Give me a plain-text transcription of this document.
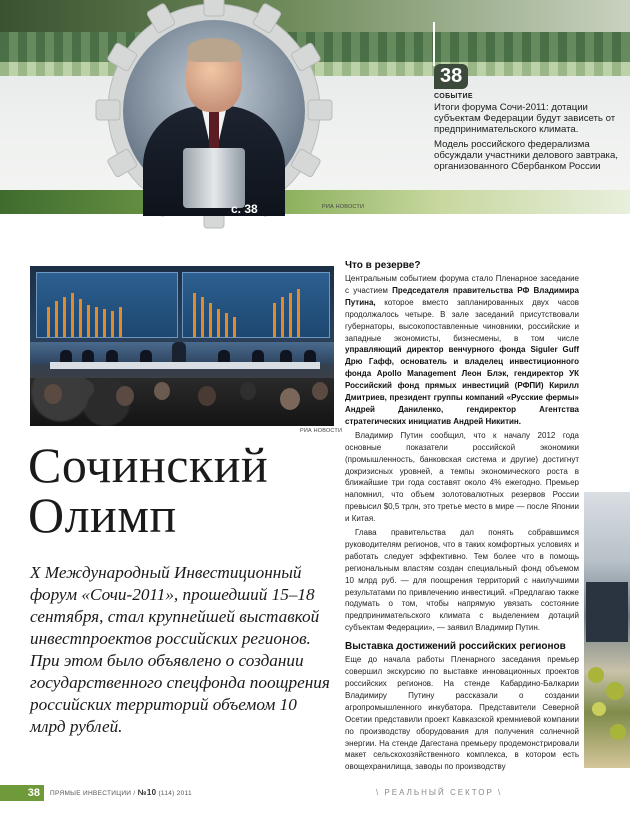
с. 38	РИА НОВОСТИ
38
СОБЫТИЕ

Итоги форума Сочи-2011: дотации субъектам Федерации будут зависеть от предпринимательского климата.

Модель российского федерализма обсуждали участники делового завтрака, организованного Сбербанком России

РИА НОВОСТИ
Сочинский
Олимп

X Международный Инвестиционный форум «Сочи-2011», прошедший 15–18 сентября, стал крупнейшей выставкой инвестпроектов российских регионов. При этом было объявлено о создании государственного спецфонда поощрения российских территорий объемом 10 млрд рублей.

Что в резерве?

Центральным событием форума стало Пленарное заседание с участием Председателя правительства РФ Владимира Путина, которое вместо запланированных двух часов продолжалось четыре. В зале заседаний присутствовали губернаторы, высокопоставленные чиновники, российские и западные экономисты, бизнесмены, в том числе управляющий директор венчурного фонда Siguler Guff Дрю Гафф, основатель и владелец инвестиционного фонда Apollo Management Леон Блэк, гендиректор УК Российский фонд прямых инвестиций (РФПИ) Кирилл Дмитриев, президент группы компаний «Русские фермы» Андрей Даниленко, гендиректор Агентства стратегических инициатив Андрей Никитин.

Владимир Путин сообщил, что к началу 2012 года основные показатели российской экономики (промышленность, банковская система и другие) достигнут докризисных уровней, а темпы экономического роста в ближайшие три года составят около 4% ежегодно. Премьер напомнил, что объем золотовалютных резервов России превысил $0,5 трлн, это третье место в мире — после Японии и Китая.

Глава правительства дал понять собравшимся руководителям регионов, что в таких комфортных условиях и работать следует эффективно. Тем более что в помощь региональным властям создан специальный фонд объемом 10 млрд руб. — для поощрения территорий с наилучшими результатами по привлечению инвестиций. «Предлагаю также подумать о том, чтобы напрямую увязать состояние предпринимательского климата с выделением дотаций субъектам Федерации», — заявил Владимир Путин.

Выставка достижений российских регионов

Еще до начала работы Пленарного заседания премьер совершил экскурсию по выставке инновационных проектов российских регионов. На стенде Кабардино-Балкарии Владимиру Путину рассказали о создании агропромышленного инкубатора. Представители Северной Осетии представили проект Кавказской кремниевой компании по производству оборудования для получения солнечной энергии. На стенде Дагестана премьеру продемонстрировали макет сельскохозяйственного комплекса, в котором есть овощехранилища, заводы по производству

38	ПРЯМЫЕ ИНВЕСТИЦИИ / №10 (114) 2011	\ РЕАЛЬНЫЙ СЕКТОР \
